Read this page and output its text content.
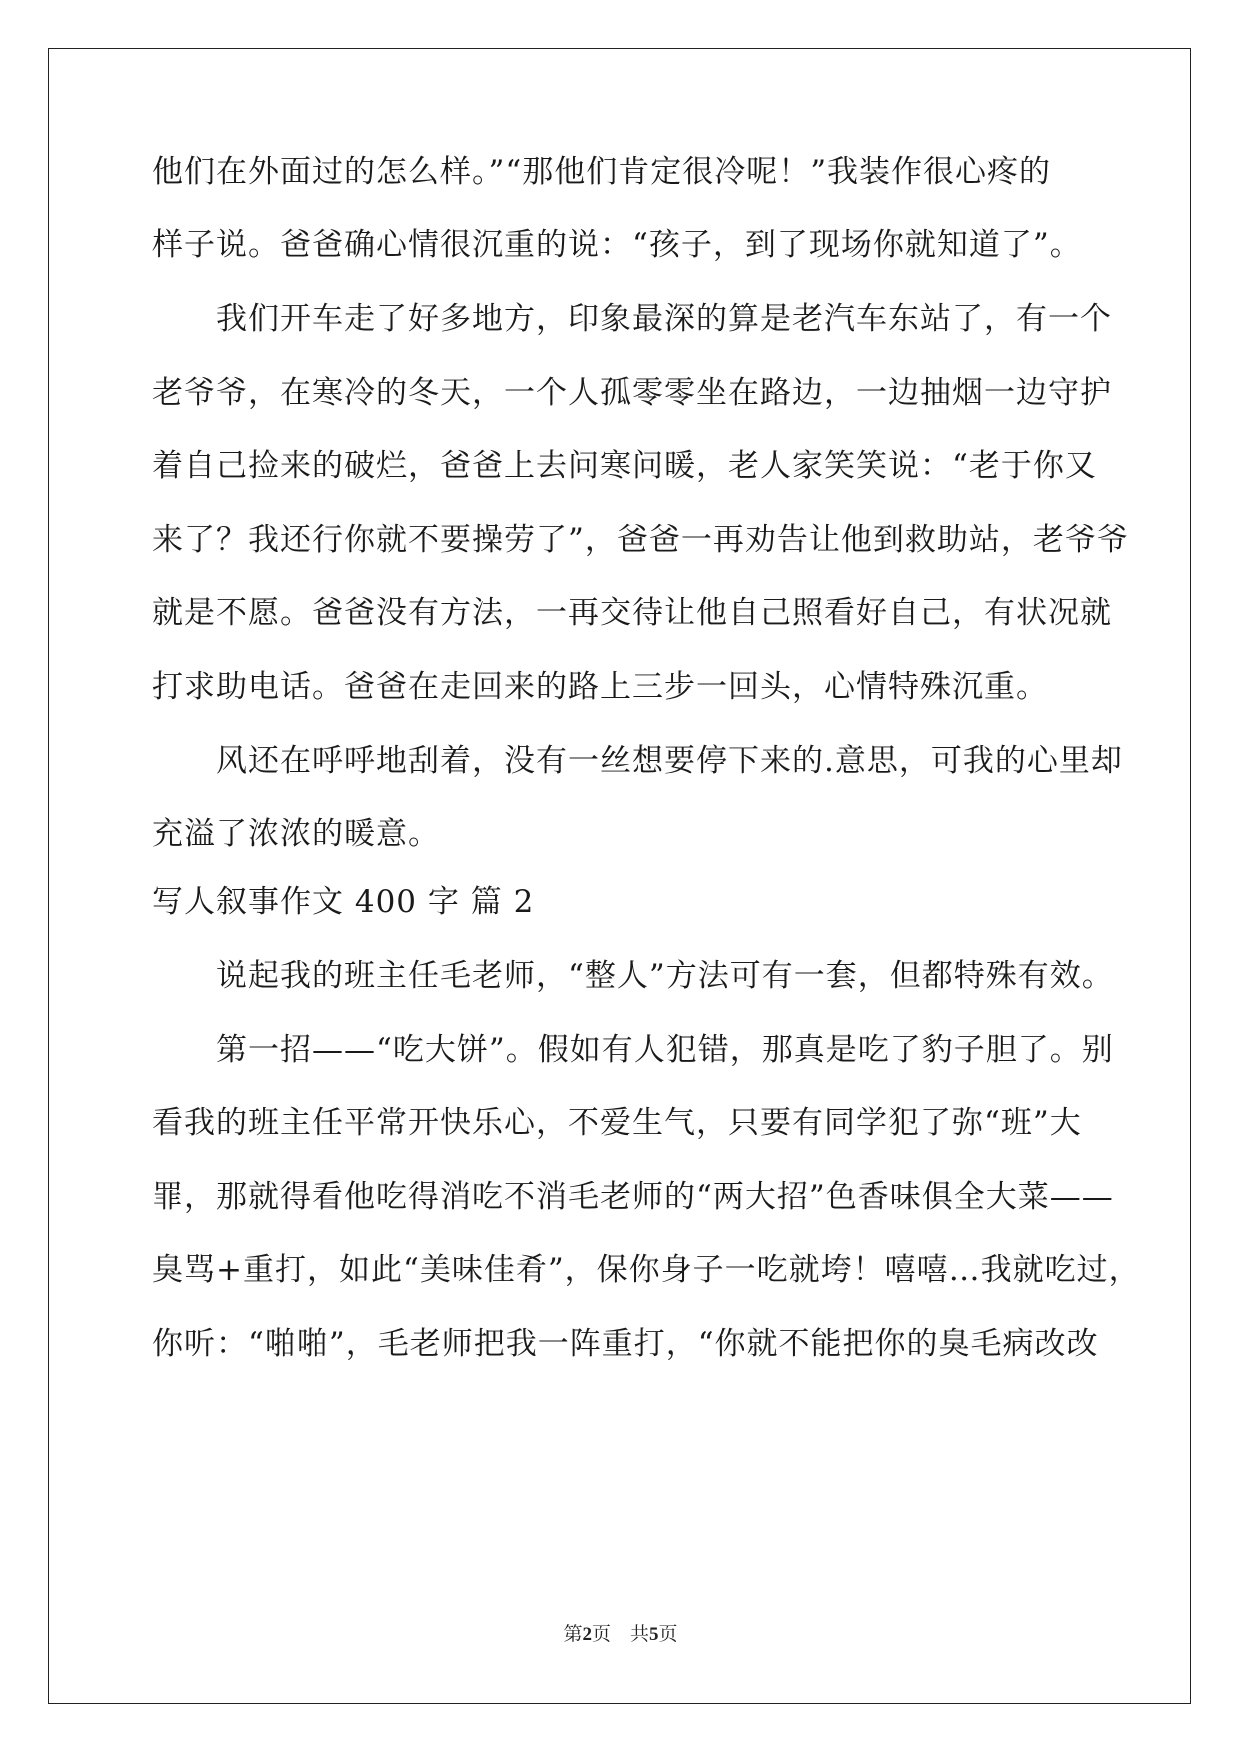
他们在外面过的怎么样。”“那他们肯定很冷呢！”我装作很心疼的
样子说。爸爸确心情很沉重的说：“孩子，到了现场你就知道了”。
　　我们开车走了好多地方，印象最深的算是老汽车东站了，有一个
老爷爷，在寒冷的冬天，一个人孤零零坐在路边，一边抽烟一边守护
着自己捡来的破烂，爸爸上去问寒问暖，老人家笑笑说：“老于你又
来了？我还行你就不要操劳了”，爸爸一再劝告让他到救助站，老爷爷
就是不愿。爸爸没有方法，一再交待让他自己照看好自己，有状况就
打求助电话。爸爸在走回来的路上三步一回头，心情特殊沉重。
　　风还在呼呼地刮着，没有一丝想要停下来的.意思，可我的心里却
充溢了浓浓的暖意。
写人叙事作文 400 字 篇 2
　　说起我的班主任毛老师，“整人”方法可有一套，但都特殊有效。
　　第一招——“吃大饼”。假如有人犯错，那真是吃了豹子胆了。别
看我的班主任平常开快乐心，不爱生气，只要有同学犯了弥“班”大
罪，那就得看他吃得消吃不消毛老师的“两大招”色香味俱全大菜——
臭骂+重打，如此“美味佳肴”，保你身子一吃就垮！嘻嘻…我就吃过，
你听：“啪啪”，毛老师把我一阵重打，“你就不能把你的臭毛病改改
第2页　共5页
